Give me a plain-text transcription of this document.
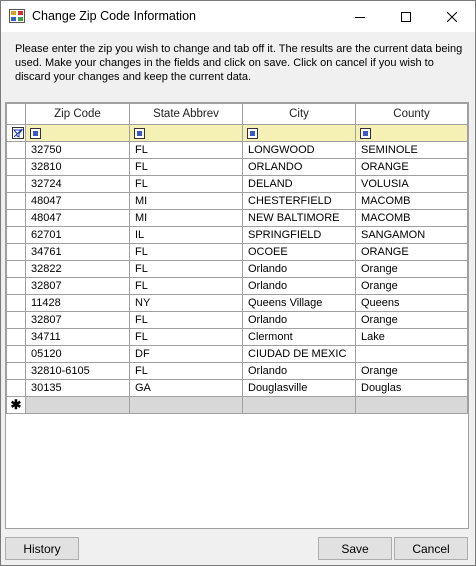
Change Zip Code Information
Please enter the zip you wish to change and tab off it. The results are the current data being used. Make your changes in the fields and click on save. Click on cancel if you wish to discard your changes and keep the current data.
	Zip Code	State Abbrev	City	County

	32750	FL	LONGWOOD	SEMINOLE
	32810	FL	ORLANDO	ORANGE
	32724	FL	DELAND	VOLUSIA
	48047	MI	CHESTERFIELD	MACOMB
	48047	MI	NEW BALTIMORE	MACOMB
	62701	IL	SPRINGFIELD	SANGAMON
	34761	FL	OCOEE	ORANGE
	32822	FL	Orlando	Orange
	32807	FL	Orlando	Orange
	11428	NY	Queens Village	Queens
	32807	FL	Orlando	Orange
	34711	FL	Clermont	Lake
	05120	DF	CIUDAD DE MEXIC	
	32810-6105	FL	Orlando	Orange
	30135	GA	Douglasville	Douglas
✱				
History	Save	Cancel
